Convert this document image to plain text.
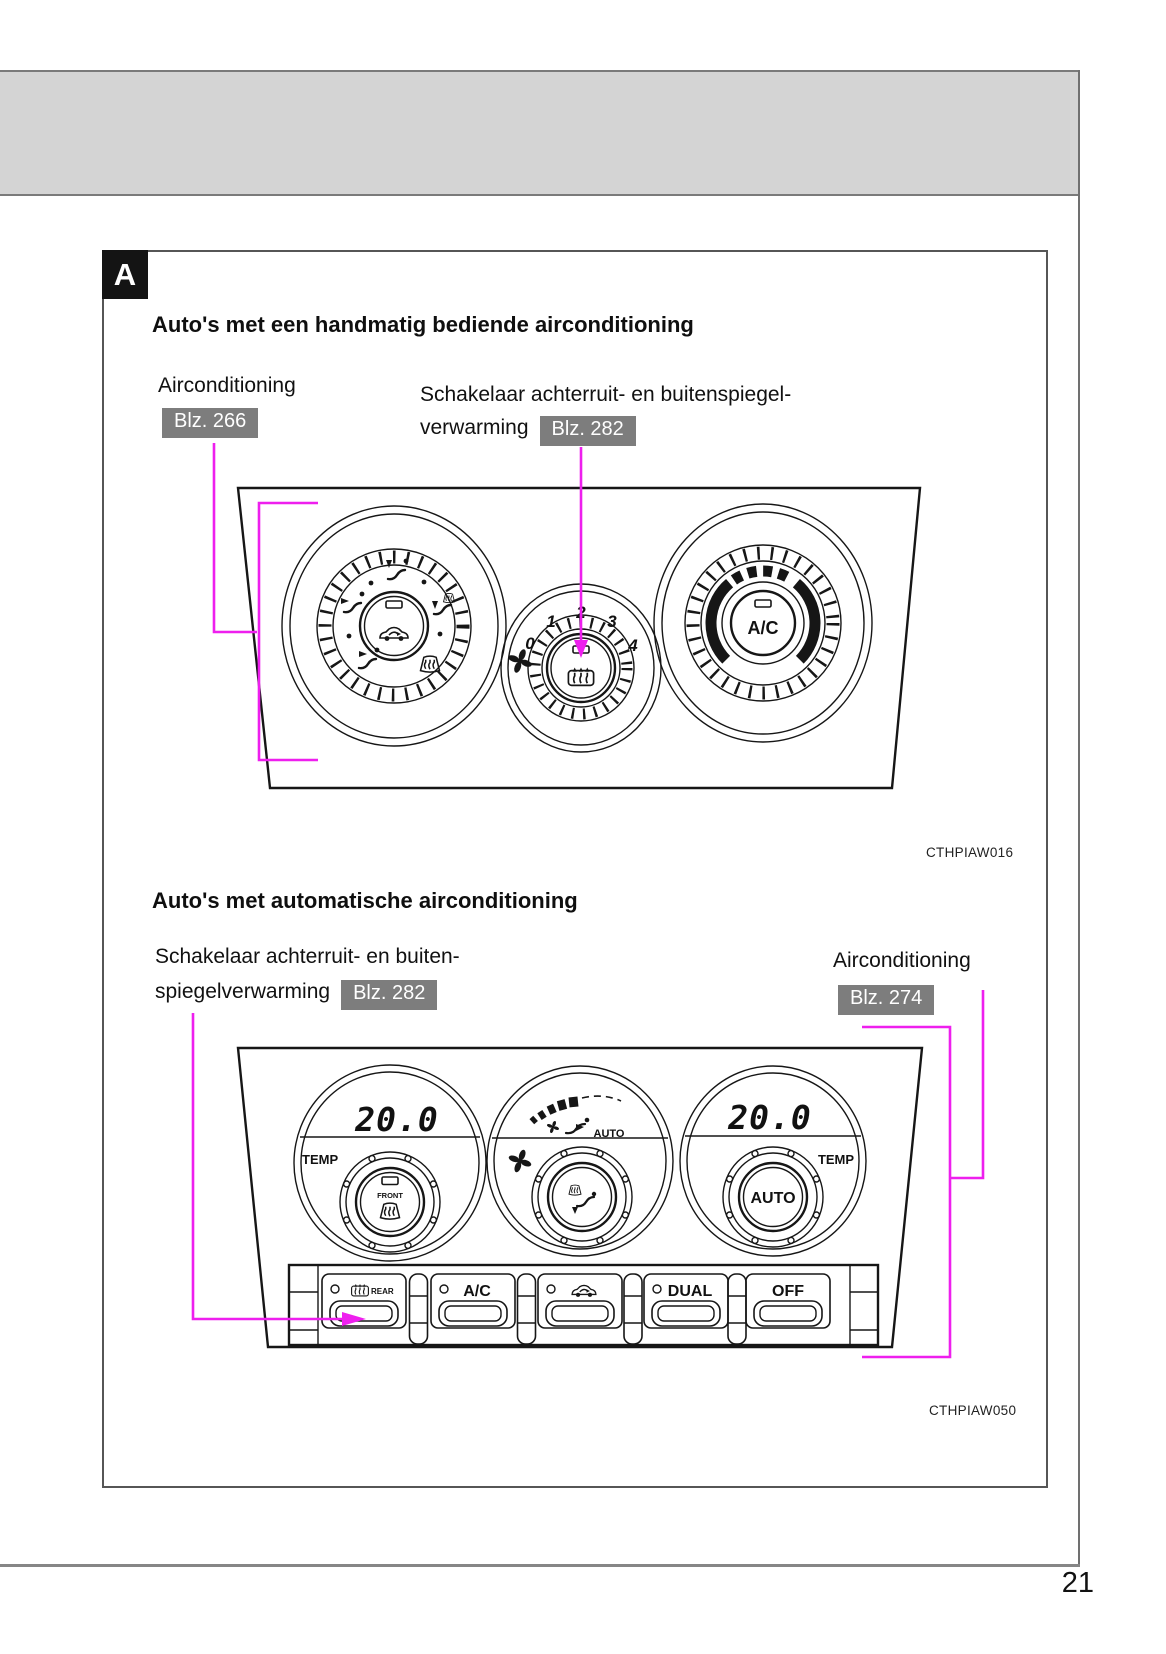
A
Auto's met een handmatig bediende airconditioning
Airconditioning
Blz. 266
Schakelaar achterruit- en buitenspiegel-
verwarming	Blz. 282
CTHPIAW016
Auto's met automatische airconditioning
Schakelaar achterruit- en buiten-
spiegelverwarming	Blz. 282
Airconditioning
Blz. 274
CTHPIAW050
21
0
1 2 3
4
A/C
20.0
TEMP
FRONT
AUTO	20.0
TEMP
AUTO
REAR	A/C	DUAL	OFF
